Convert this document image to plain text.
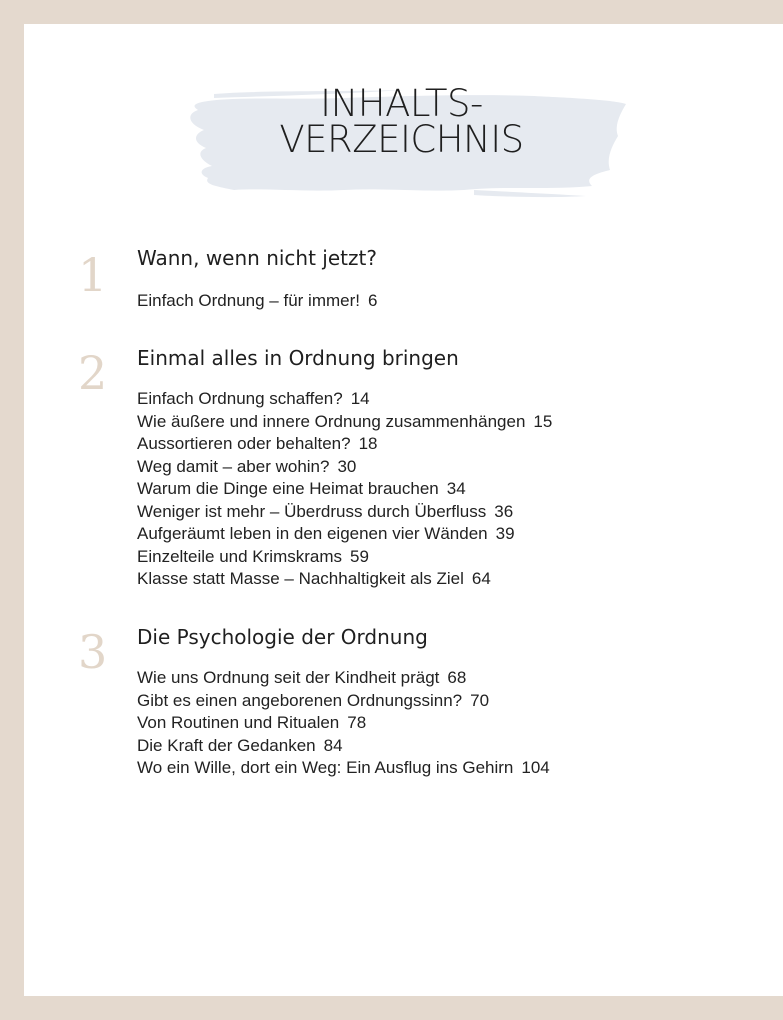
INHALTS-
VERZEICHNIS
1 Wann, wenn nicht jetzt?
Einfach Ordnung – für immer! 6
2 Einmal alles in Ordnung bringen
Einfach Ordnung schaffen? 14
Wie äußere und innere Ordnung zusammenhängen 15
Aussortieren oder behalten? 18
Weg damit – aber wohin? 30
Warum die Dinge eine Heimat brauchen 34
Weniger ist mehr – Überdruss durch Überfluss 36
Aufgeräumt leben in den eigenen vier Wänden 39
Einzelteile und Krimskrams 59
Klasse statt Masse – Nachhaltigkeit als Ziel 64
3 Die Psychologie der Ordnung
Wie uns Ordnung seit der Kindheit prägt 68
Gibt es einen angeborenen Ordnungssinn? 70
Von Routinen und Ritualen 78
Die Kraft der Gedanken 84
Wo ein Wille, dort ein Weg: Ein Ausflug ins Gehirn 104
